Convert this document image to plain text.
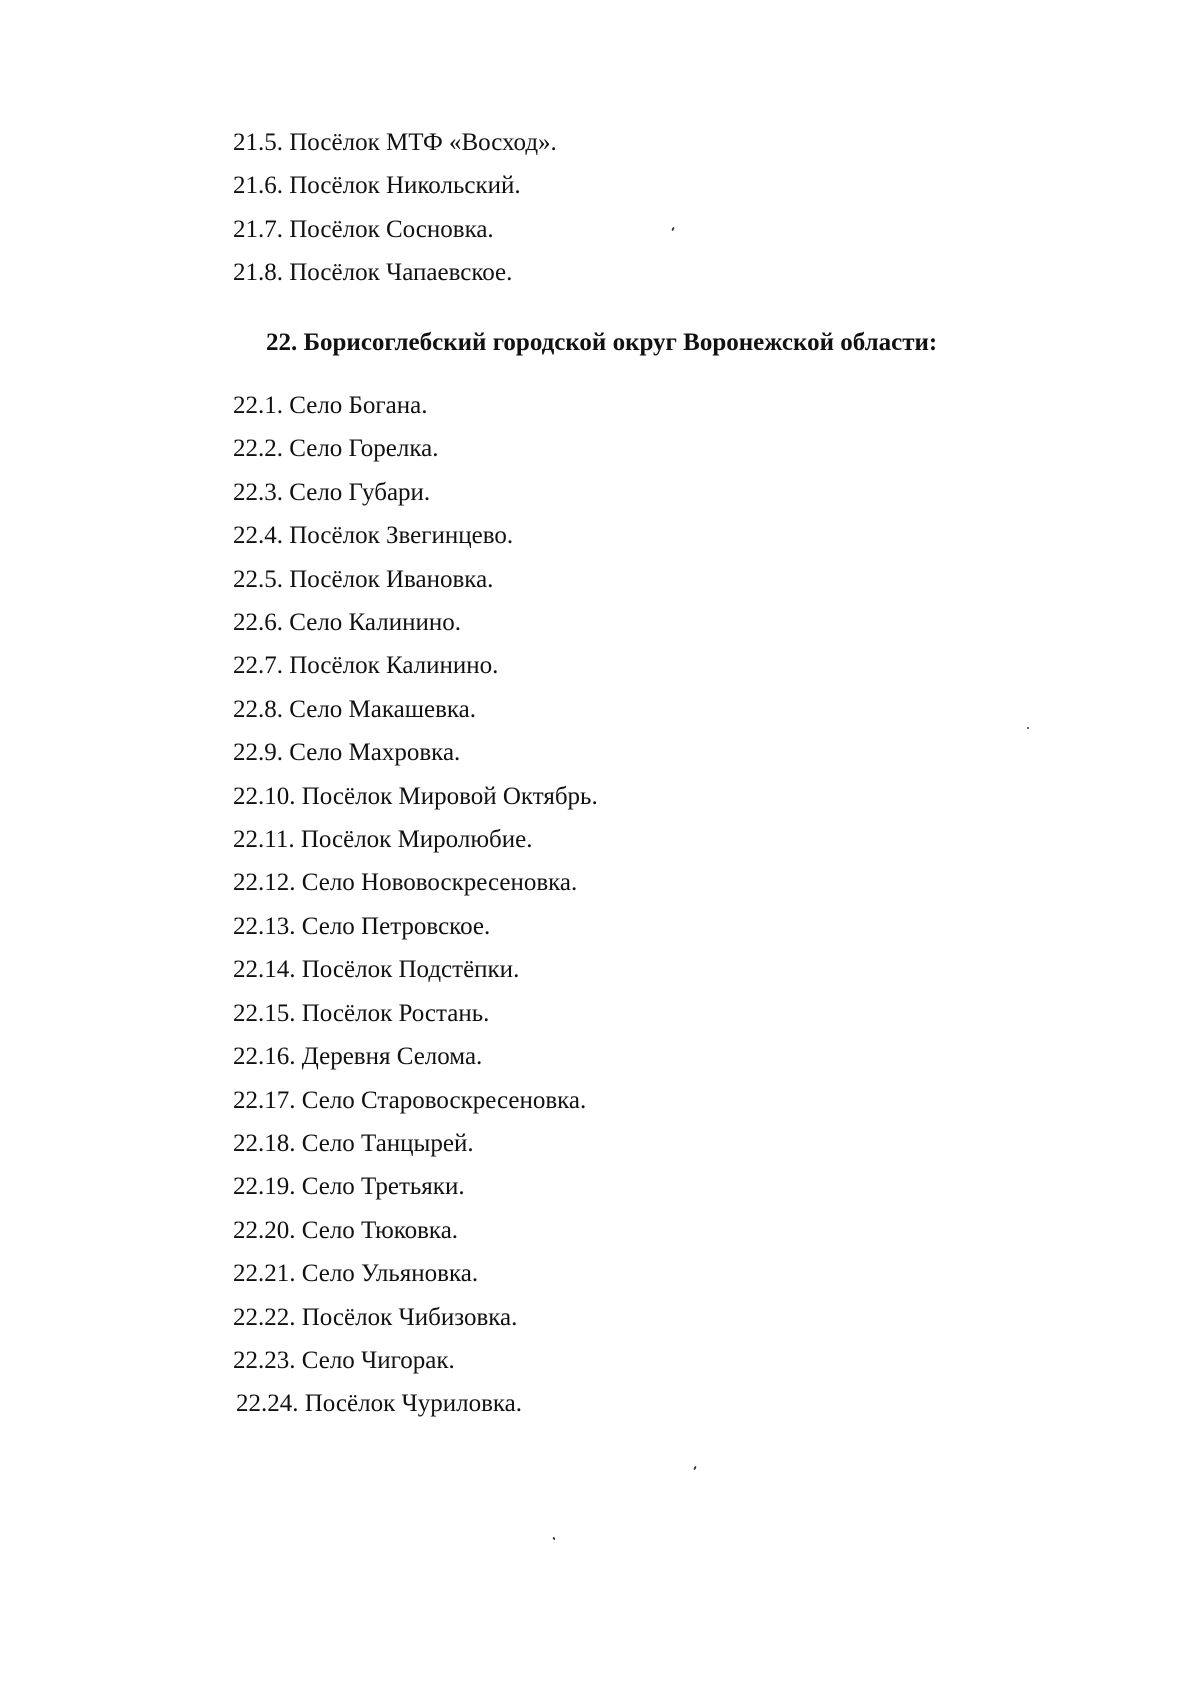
21.5. Посёлок МТФ «Восход».
21.6. Посёлок Никольский.
21.7. Посёлок Сосновка.
21.8. Посёлок Чапаевское.
22. Борисоглебский городской округ Воронежской области:
22.1. Село Богана.
22.2. Село Горелка.
22.3. Село Губари.
22.4. Посёлок Звегинцево.
22.5. Посёлок Ивановка.
22.6. Село Калинино.
22.7. Посёлок Калинино.
22.8. Село Макашевка.
22.9. Село Махровка.
22.10. Посёлок Мировой Октябрь.
22.11. Посёлок Миролюбие.
22.12. Село Нововоскресеновка.
22.13. Село Петровское.
22.14. Посёлок Подстёпки.
22.15. Посёлок Ростань.
22.16. Деревня Селома.
22.17. Село Старовоскресеновка.
22.18. Село Танцырей.
22.19. Село Третьяки.
22.20. Село Тюковка.
22.21. Село Ульяновка.
22.22. Посёлок Чибизовка.
22.23. Село Чигорак.
22.24. Посёлок Чуриловка.
